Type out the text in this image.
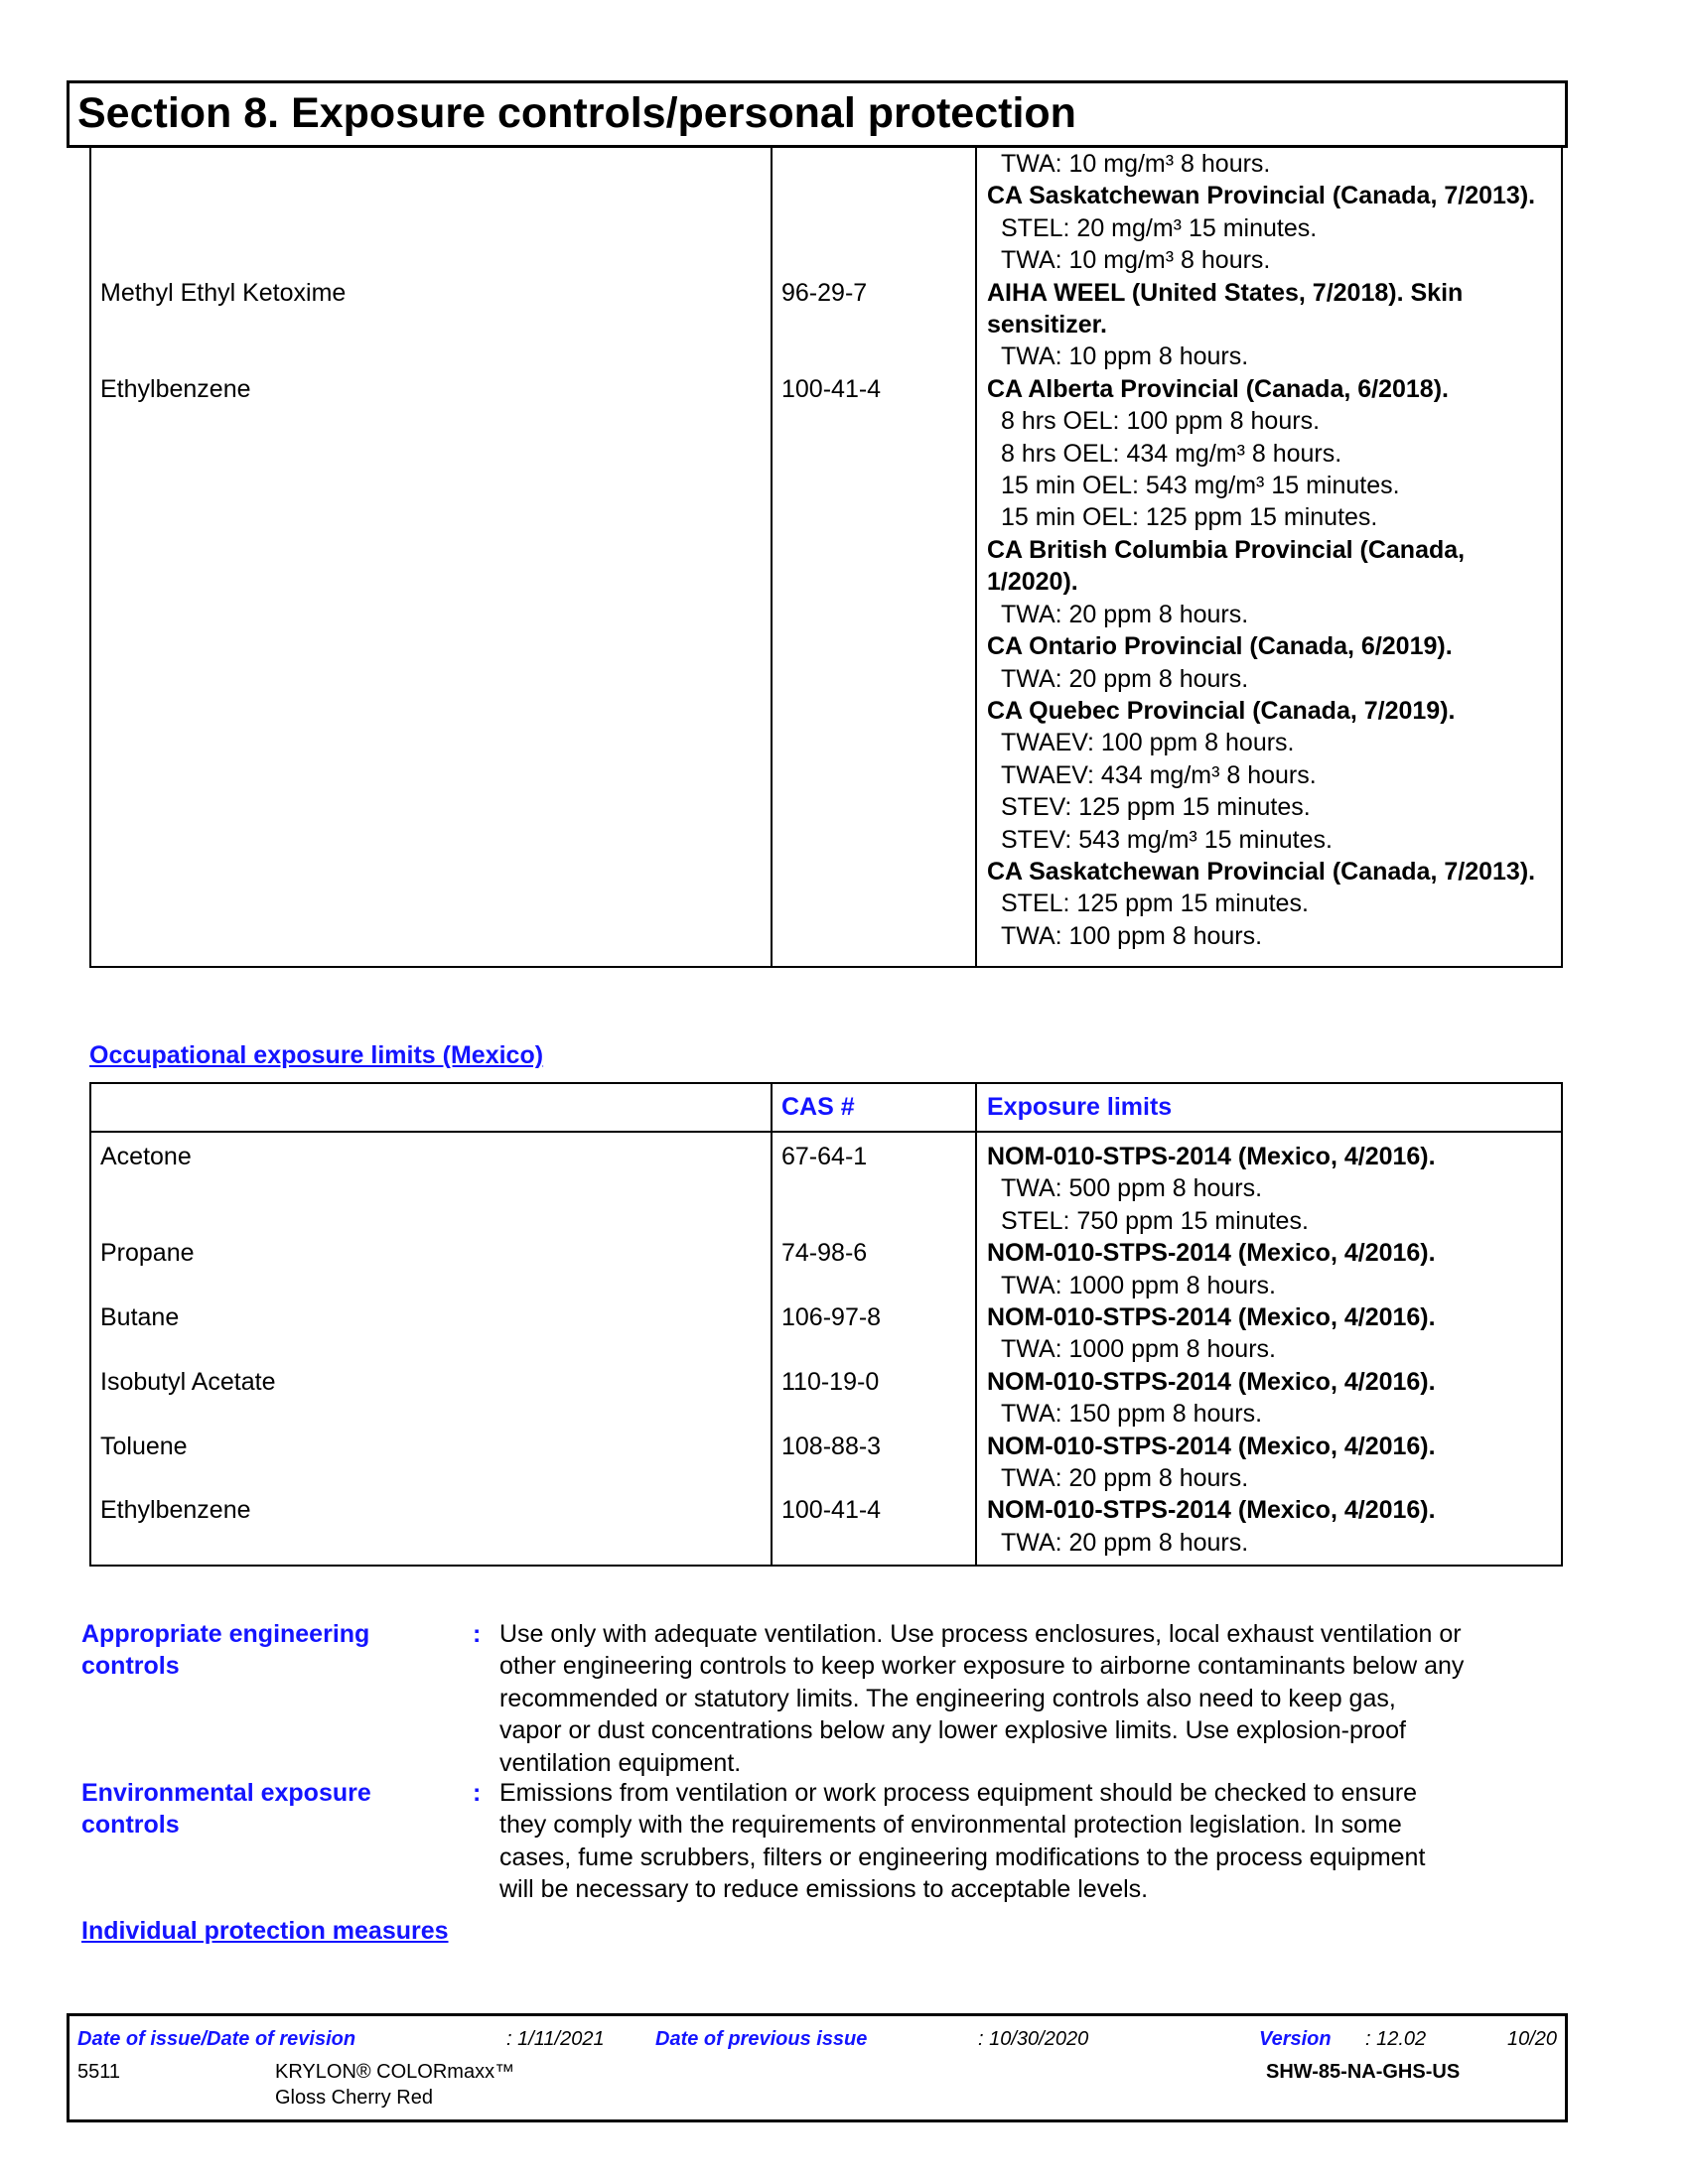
Section 8. Exposure controls/personal protection
TWA: 10 mg/m³ 8 hours.
CA Saskatchewan Provincial (Canada, 7/2013).
STEL: 20 mg/m³ 15 minutes.
TWA: 10 mg/m³ 8 hours.
Methyl Ethyl Ketoxime	96-29-7	AIHA WEEL (United States, 7/2018). Skin sensitizer.
TWA: 10 ppm 8 hours.
Ethylbenzene	100-41-4	CA Alberta Provincial (Canada, 6/2018).
8 hrs OEL: 100 ppm 8 hours.
8 hrs OEL: 434 mg/m³ 8 hours.
15 min OEL: 543 mg/m³ 15 minutes.
15 min OEL: 125 ppm 15 minutes.
CA British Columbia Provincial (Canada, 1/2020).
TWA: 20 ppm 8 hours.
CA Ontario Provincial (Canada, 6/2019).
TWA: 20 ppm 8 hours.
CA Quebec Provincial (Canada, 7/2019).
TWAEV: 100 ppm 8 hours.
TWAEV: 434 mg/m³ 8 hours.
STEV: 125 ppm 15 minutes.
STEV: 543 mg/m³ 15 minutes.
CA Saskatchewan Provincial (Canada, 7/2013).
STEL: 125 ppm 15 minutes.
TWA: 100 ppm 8 hours.
Occupational exposure limits (Mexico)
CAS #	Exposure limits
Acetone	67-64-1	NOM-010-STPS-2014 (Mexico, 4/2016).
TWA: 500 ppm 8 hours.
STEL: 750 ppm 15 minutes.
Propane	74-98-6	NOM-010-STPS-2014 (Mexico, 4/2016).
TWA: 1000 ppm 8 hours.
Butane	106-97-8	NOM-010-STPS-2014 (Mexico, 4/2016).
TWA: 1000 ppm 8 hours.
Isobutyl Acetate	110-19-0	NOM-010-STPS-2014 (Mexico, 4/2016).
TWA: 150 ppm 8 hours.
Toluene	108-88-3	NOM-010-STPS-2014 (Mexico, 4/2016).
TWA: 20 ppm 8 hours.
Ethylbenzene	100-41-4	NOM-010-STPS-2014 (Mexico, 4/2016).
TWA: 20 ppm 8 hours.
Appropriate engineering
controls
: Use only with adequate ventilation. Use process enclosures, local exhaust ventilation or
other engineering controls to keep worker exposure to airborne contaminants below any
recommended or statutory limits. The engineering controls also need to keep gas,
vapor or dust concentrations below any lower explosive limits. Use explosion-proof
ventilation equipment.
Environmental exposure
controls
: Emissions from ventilation or work process equipment should be checked to ensure
they comply with the requirements of environmental protection legislation. In some
cases, fume scrubbers, filters or engineering modifications to the process equipment
will be necessary to reduce emissions to acceptable levels.
Individual protection measures
Date of issue/Date of revision	: 1/11/2021	Date of previous issue	: 10/30/2020	Version : 12.02	10/20
5511	KRYLON® COLORmaxx™
Gloss Cherry Red
SHW-85-NA-GHS-US
